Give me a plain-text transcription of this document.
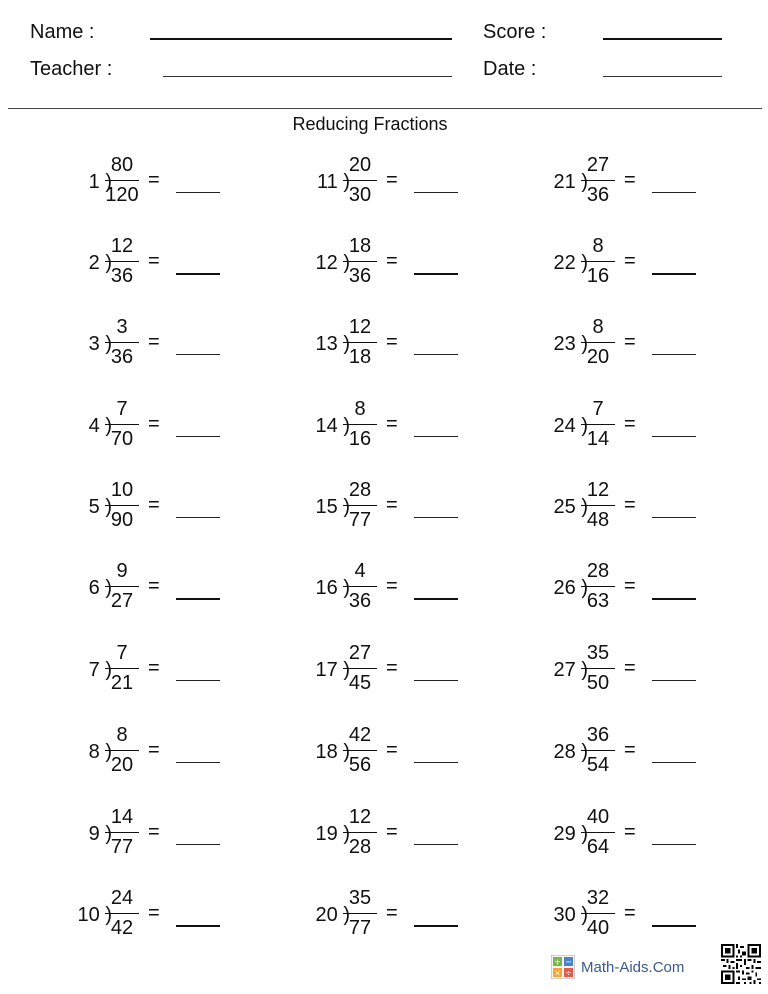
Name :
Teacher :
Score :
Date :
Reducing Fractions
1 )
80
120
=
2 )
12
36
=
3 )
3
36
=
4 )
7
70
=
5 )
10
90
=
6 )
9
27
=
7 )
7
21
=
8 )
8
20
=
9 )
14
77
=
10 )
24
42
=
11 )
20
30
=
12 )
18
36
=
13 )
12
18
=
14 )
8
16
=
15 )
28
77
=
16 )
4
36
=
17 )
27
45
=
18 )
42
56
=
19 )
12
28
=
20 )
35
77
=
21 )
27
36
=
22 )
8
16
=
23 )
8
20
=
24 )
7
14
=
25 )
12
48
=
26 )
28
63
=
27 )
35
50
=
28 )
36
54
=
29 )
40
64
=
30 )
32
40
=
+ −
× ÷ Math-Aids.Com
